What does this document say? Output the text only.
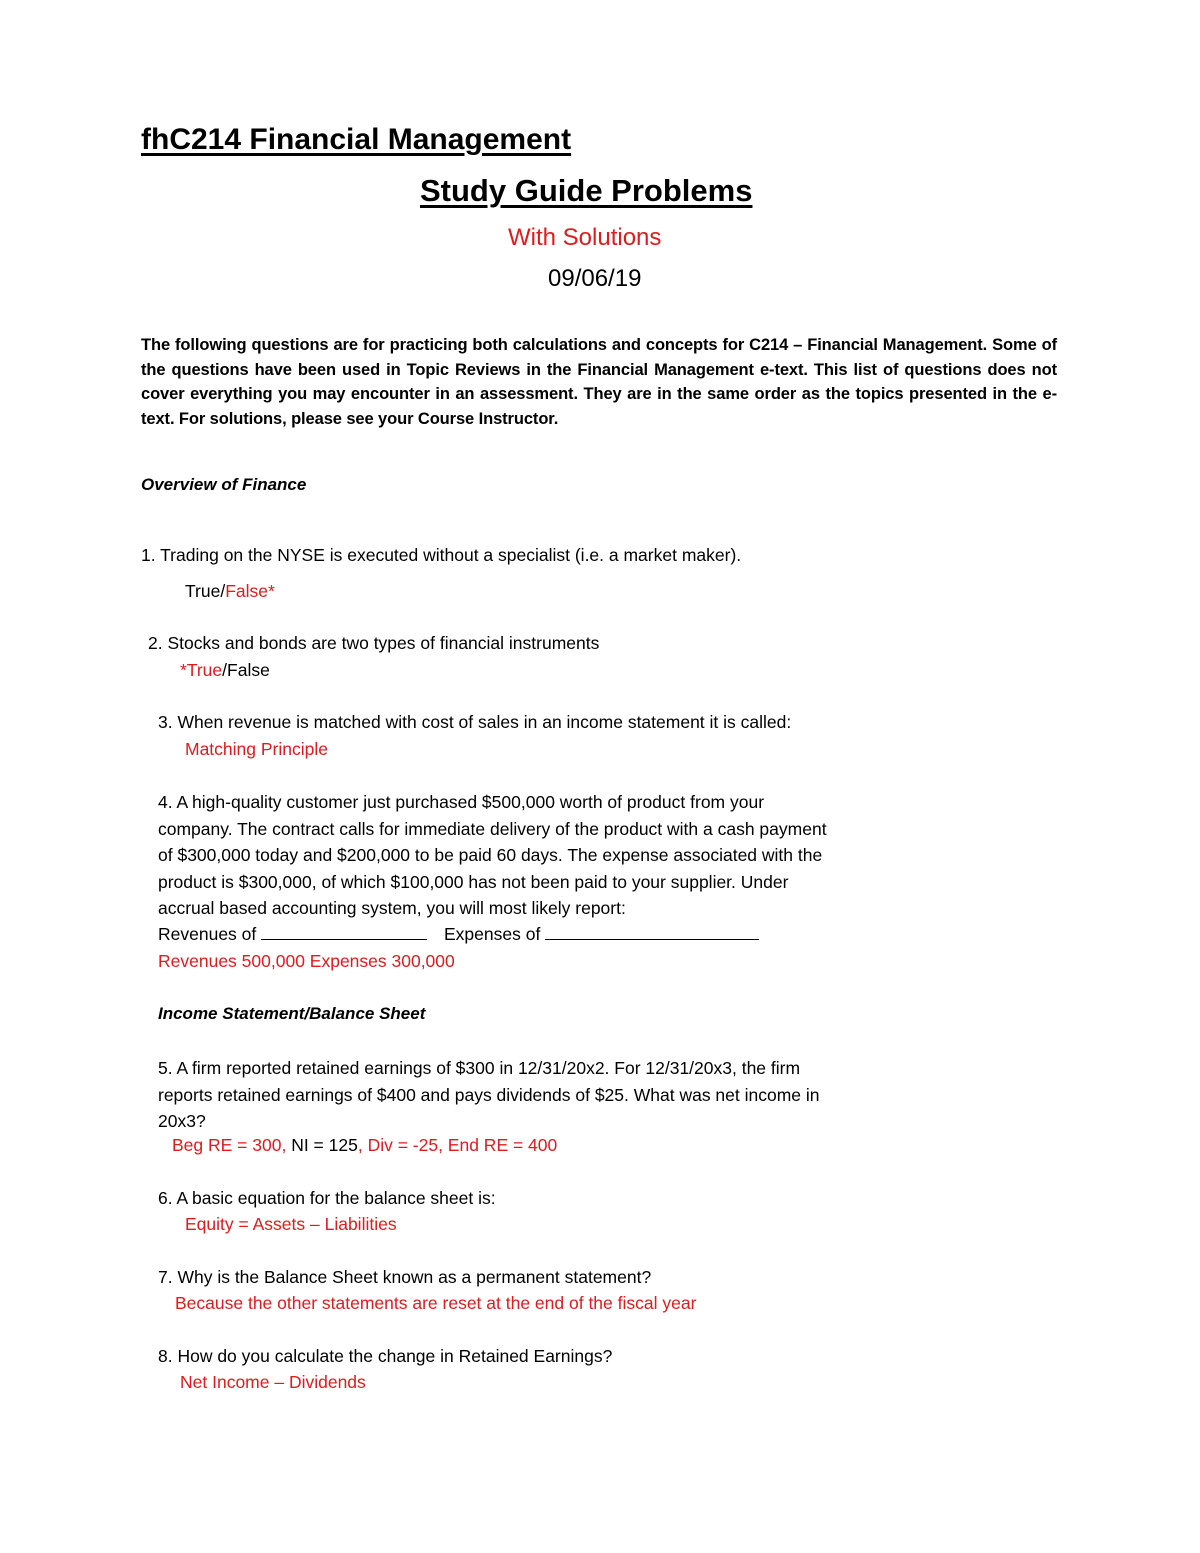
fhC214 Financial Management
Study Guide Problems
With Solutions
09/06/19
The following questions are for practicing both calculations and concepts for C214 – Financial Management. Some of the questions have been used in Topic Reviews in the Financial Management e-text. This list of questions does not cover everything you may encounter in an assessment. They are in the same order as the topics presented in the e-text. For solutions, please see your Course Instructor.
Overview of Finance
1. Trading on the NYSE is executed without a specialist (i.e. a market maker).
True/False*
2. Stocks and bonds are two types of financial instruments
*True/False
3. When revenue is matched with cost of sales in an income statement it is called:
Matching Principle
4. A high-quality customer just purchased $500,000 worth of product from your
company. The contract calls for immediate delivery of the product with a cash payment
of $300,000 today and $200,000 to be paid 60 days. The expense associated with the
product is $300,000, of which $100,000 has not been paid to your supplier. Under
accrual based accounting system, you will most likely report:
Revenues of	Expenses of
Revenues 500,000 Expenses 300,000
Income Statement/Balance Sheet
5. A firm reported retained earnings of $300 in 12/31/20x2. For 12/31/20x3, the firm
reports retained earnings of $400 and pays dividends of $25. What was net income in
20x3?
Beg RE = 300, NI = 125, Div = -25, End RE = 400
6. A basic equation for the balance sheet is:
Equity = Assets – Liabilities
7. Why is the Balance Sheet known as a permanent statement?
Because the other statements are reset at the end of the fiscal year
8. How do you calculate the change in Retained Earnings?
Net Income – Dividends
